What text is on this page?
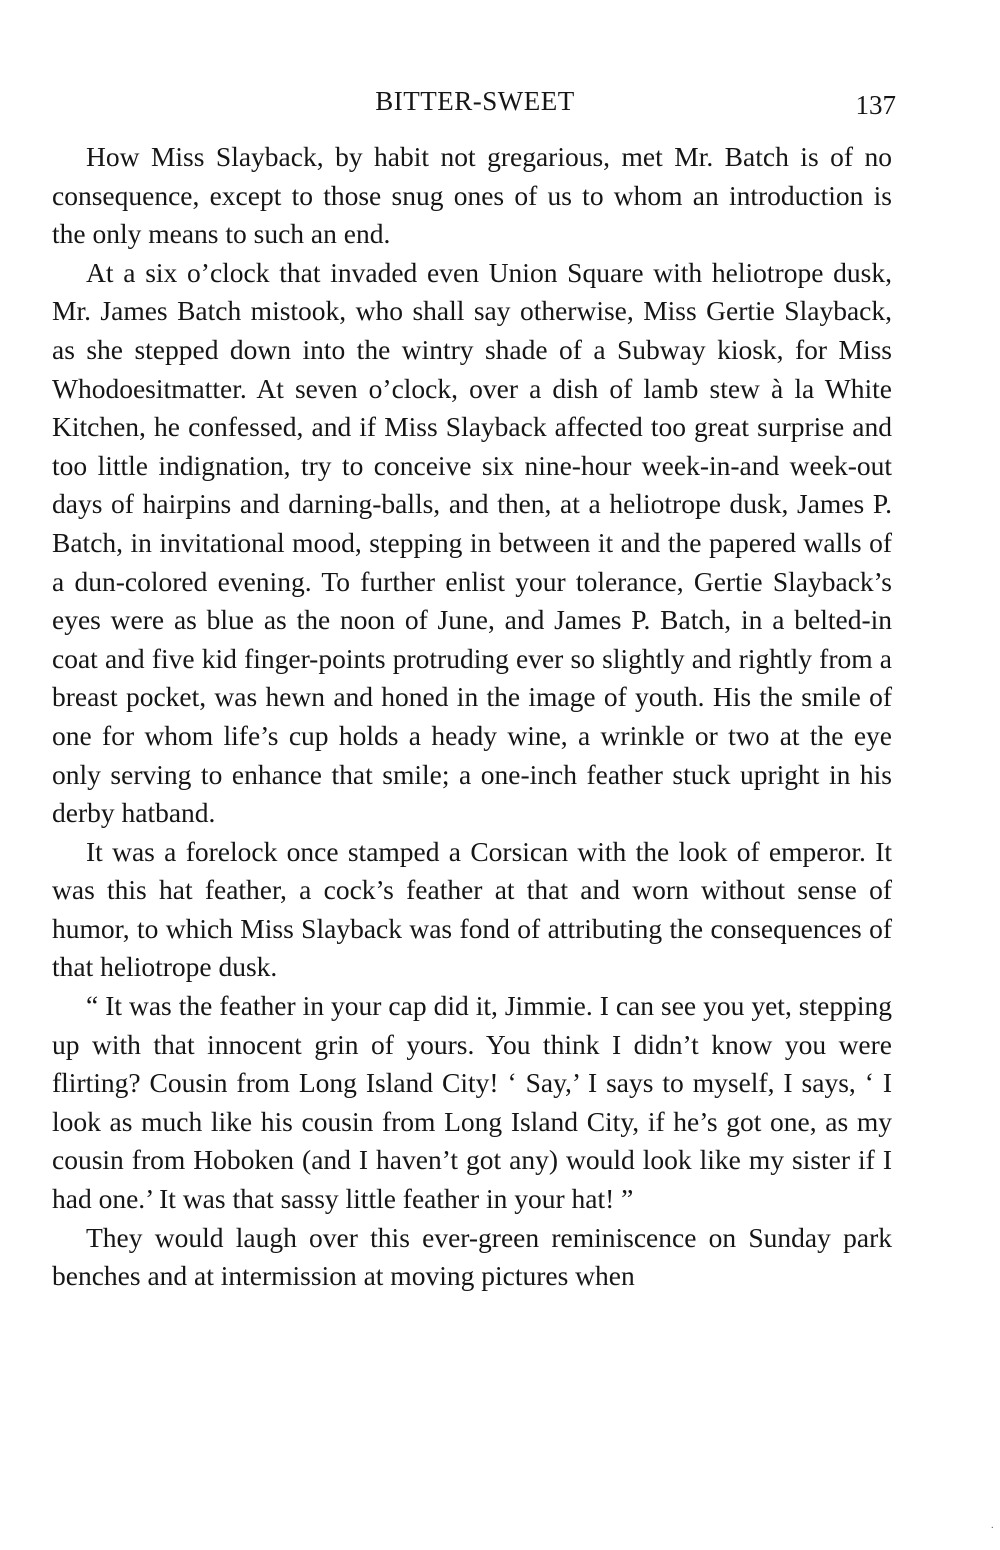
BITTER-SWEET	137

How Miss Slayback, by habit not gregarious, met Mr. Batch is of no consequence, except to those snug ones of us to whom an introduction is the only means to such an end.

At a six o’clock that invaded even Union Square with heliotrope dusk, Mr. James Batch mistook, who shall say otherwise, Miss Gertie Slayback, as she stepped down into the wintry shade of a Subway kiosk, for Miss Whodoesitmatter. At seven o’clock, over a dish of lamb stew à la White Kitchen, he confessed, and if Miss Slayback affected too great surprise and too little indignation, try to conceive six nine-hour week-in-and week-out days of hairpins and darning-balls, and then, at a heliotrope dusk, James P. Batch, in invitational mood, stepping in between it and the papered walls of a dun-colored evening. To further enlist your tolerance, Gertie Slayback’s eyes were as blue as the noon of June, and James P. Batch, in a belted-in coat and five kid finger-points protruding ever so slightly and rightly from a breast pocket, was hewn and honed in the image of youth. His the smile of one for whom life’s cup holds a heady wine, a wrinkle or two at the eye only serving to enhance that smile; a one-inch feather stuck upright in his derby hatband.

It was a forelock once stamped a Corsican with the look of emperor. It was this hat feather, a cock’s feather at that and worn without sense of humor, to which Miss Slayback was fond of attributing the consequences of that heliotrope dusk.

“ It was the feather in your cap did it, Jimmie. I can see you yet, stepping up with that innocent grin of yours. You think I didn’t know you were flirting? Cousin from Long Island City! ‘ Say,’ I says to myself, I says, ‘ I look as much like his cousin from Long Island City, if he’s got one, as my cousin from Hoboken (and I haven’t got any) would look like my sister if I had one.’ It was that sassy little feather in your hat! ”

They would laugh over this ever-green reminiscence on Sunday park benches and at intermission at moving pictures when

·
